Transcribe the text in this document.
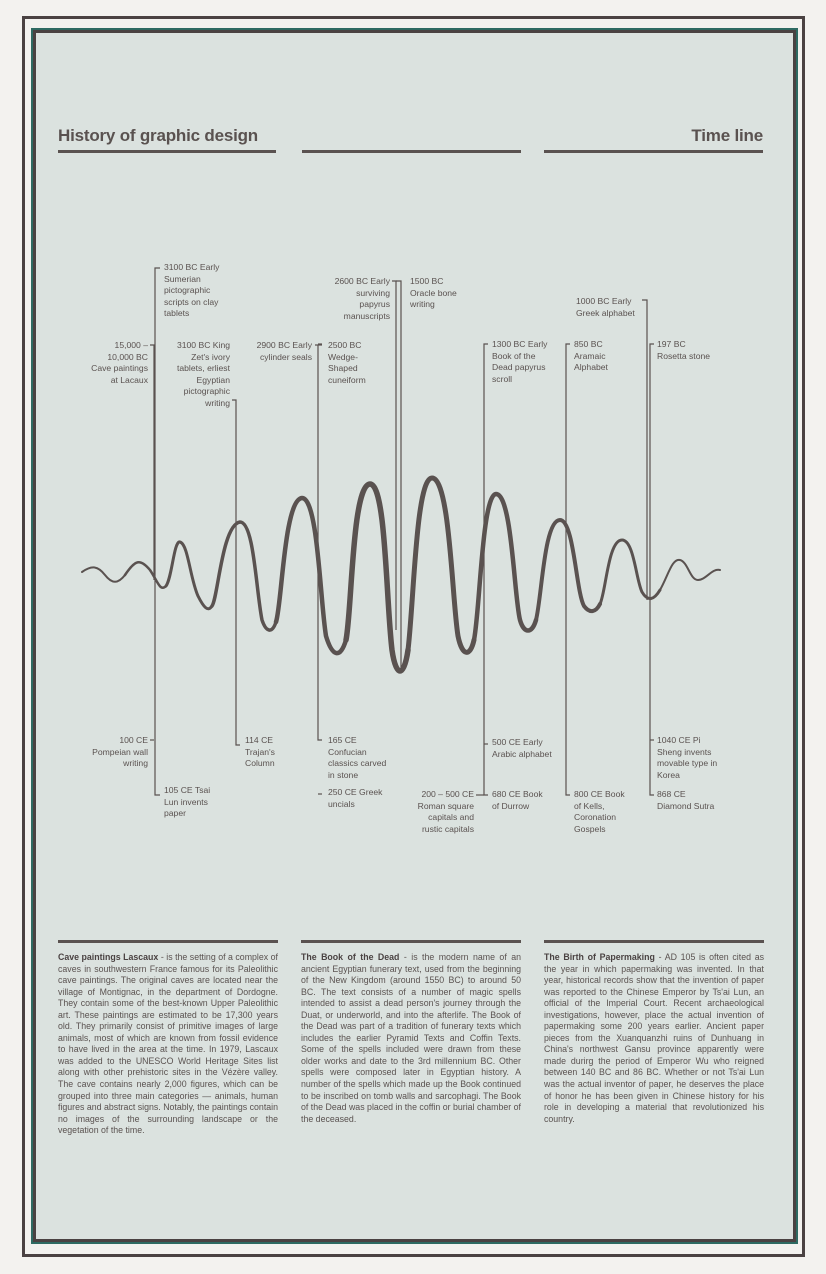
History of graphic design	Time line
15,000 –
10,000 BC
Cave paintings
at Lacaux
3100 BC Early
Sumerian
pictographic
scripts on clay
tablets
3100 BC King
Zet's ivory
tablets, erliest
Egyptian
pictographic
writing
2900 BC Early
cylinder seals
2500 BC
Wedge-
Shaped
cuneiform
2600 BC Early
surviving
papyrus
manuscripts
1500 BC
Oracle bone
writing
1300 BC Early
Book of the
Dead papyrus
scroll
850 BC
Aramaic
Alphabet
1000 BC Early
Greek alphabet
197 BC
Rosetta stone
100 CE
Pompeian wall
writing
105 CE Tsai
Lun invents
paper
114 CE
Trajan's
Column
165 CE
Confucian
classics carved
in stone
250 CE Greek
uncials
200 – 500 CE
Roman square
capitals and
rustic capitals
500 CE Early
Arabic alphabet
680 CE Book
of Durrow
800 CE Book
of Kells,
Coronation
Gospels
1040 CE Pi
Sheng invents
movable type in
Korea
868 CE
Diamond Sutra
Cave paintings Lascaux - is the setting of a complex of caves in southwestern France famous for its Paleolithic cave paintings. The original caves are located near the village of Montignac, in the department of Dordogne. They contain some of the best-known Upper Paleolithic art. These paintings are estimated to be 17,300 years old. They primarily consist of primitive images of large animals, most of which are known from fossil evidence to have lived in the area at the time. In 1979, Lascaux was added to the UNESCO World Heritage Sites list along with other prehistoric sites in the Vézère valley. The cave contains nearly 2,000 figures, which can be grouped into three main categories — animals, human figures and abstract signs. Notably, the paintings contain no images of the surrounding landscape or the vegetation of the time.
The Book of the Dead - is the modern name of an ancient Egyptian funerary text, used from the beginning of the New Kingdom (around 1550 BC) to around 50 BC. The text consists of a number of magic spells intended to assist a dead person's journey through the Duat, or underworld, and into the afterlife. The Book of the Dead was part of a tradition of funerary texts which includes the earlier Pyramid Texts and Coffin Texts. Some of the spells included were drawn from these older works and date to the 3rd millennium BC. Other spells were composed later in Egyptian history. A number of the spells which made up the Book continued to be inscribed on tomb walls and sarcophagi. The Book of the Dead was placed in the coffin or burial chamber of the deceased.
The Birth of Papermaking - AD 105 is often cited as the year in which papermaking was invented. In that year, historical records show that the invention of paper was reported to the Chinese Emperor by Ts'ai Lun, an official of the Imperial Court. Recent archaeological investigations, however, place the actual invention of papermaking some 200 years earlier. Ancient paper pieces from the Xuanquanzhi ruins of Dunhuang in China's northwest Gansu province apparently were made durirg the period of Emperor Wu who reigned between 140 BC and 86 BC. Whether or not Ts'ai Lun was the actual inventor of paper, he deserves the place of honor he has been given in Chinese history for his role in developing a material that revolutionized his country.
